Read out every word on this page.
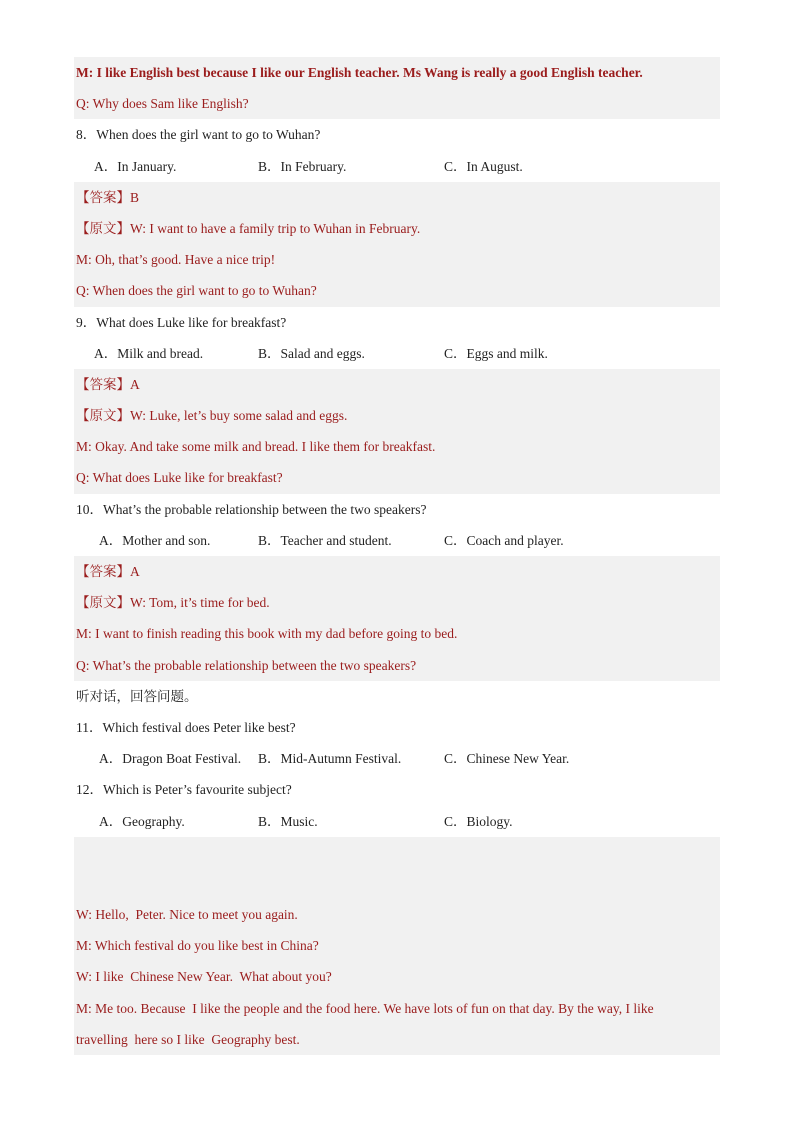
M: I like English best because I like our English teacher. Ms Wang is really a good English teacher.
Q: Why does Sam like English?
8．When does the girl want to go to Wuhan?
A．In January.	B．In February.	C．In August.
【答案】B
【原文】W: I want to have a family trip to Wuhan in February.
M: Oh, that’s good. Have a nice trip!
Q: When does the girl want to go to Wuhan?
9．What does Luke like for breakfast?
A．Milk and bread.	B．Salad and eggs.	C．Eggs and milk.
【答案】A
【原文】W: Luke, let’s buy some salad and eggs.
M: Okay. And take some milk and bread. I like them for breakfast.
Q: What does Luke like for breakfast?
10．What’s the probable relationship between the two speakers?
A．Mother and son.	B．Teacher and student.	C．Coach and player.
【答案】A
【原文】W: Tom, it’s time for bed.
M: I want to finish reading this book with my dad before going to bed.
Q: What’s the probable relationship between the two speakers?
听对话，回答问题。
11．Which festival does Peter like best?
A．Dragon Boat Festival. B．Mid-Autumn Festival.	C．Chinese New Year.
12．Which is Peter’s favourite subject?
A．Geography.	B．Music.	C．Biology.

W: Hello,  Peter. Nice to meet you again.
M: Which festival do you like best in China?
W: I like  Chinese New Year.  What about you?
M: Me too. Because  I like the people and the food here. We have lots of fun on that day. By the way, I like
travelling  here so I like  Geography best.
